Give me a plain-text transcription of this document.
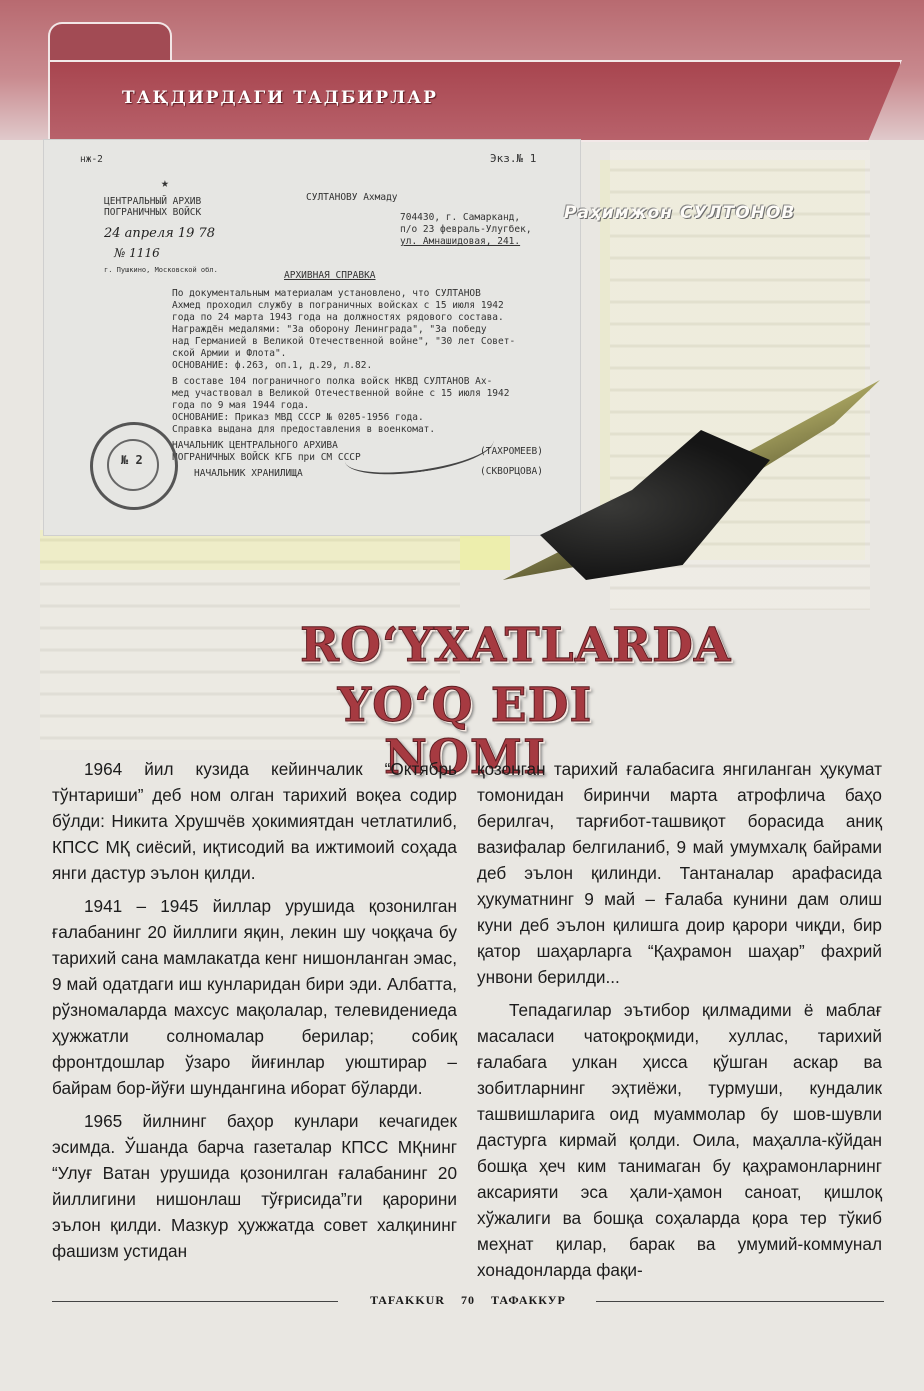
ТАҚДИРДАГИ ТАДБИРЛАР
нж-2	Экз.№ 1
★
ЦЕНТРАЛЬНЫЙ АРХИВ
ПОГРАНИЧНЫХ ВОЙСК
24 апреля 19 78
№ 1116
г. Пушкино, Московской обл.
СУЛТАНОВУ Ахмаду
704430, г. Самарканд,
п/о 23 февраль-Улугбек,
ул. Амнашидовая, 241.
АРХИВНАЯ СПРАВКА
По документальным материалам установлено, что СУЛТАНОВ
Ахмед проходил службу в пограничных войсках с 15 июля 1942
года по 24 марта 1943 года на должностях рядового состава.
Награждён медалями: "За оборону Ленинграда", "За победу
над Германией в Великой Отечественной войне", "30 лет Совет-
ской Армии и Флота".
ОСНОВАНИЕ: ф.263, оп.1, д.29, л.82.
В составе 104 пограничного полка войск НКВД СУЛТАНОВ Ах-
мед участвовал в Великой Отечественной войне с 15 июля 1942
года по 9 мая 1944 года.
ОСНОВАНИЕ: Приказ МВД СССР № 0205-1956 года.
Справка выдана для предоставления в военкомат.
НАЧАЛЬНИК ЦЕНТРАЛЬНОГО АРХИВА
ПОГРАНИЧНЫХ ВОЙСК КГБ при СМ СССР
(ТАХРОМЕЕВ)
НАЧАЛЬНИК ХРАНИЛИЩА	(СКВОРЦОВА)
№ 2
Раҳимжон СУЛТОНОВ
RO‘YXATLARDA
YO‘Q EDI NOMI

1964 йил кузида кейинчалик “Октябрь тўнтариши” деб ном олган тарихий воқеа содир бўлди: Никита Хрушчёв ҳокимиятдан четлатилиб, КПСС МҚ сиёсий, иқтисодий ва ижтимоий соҳада янги дастур эълон қилди.

1941 – 1945 йиллар урушида қозонилган ғалабанинг 20 йиллиги яқин, лекин шу чоққача бу тарихий сана мамлакатда кенг нишонланган эмас, 9 май одатдаги иш кунларидан бири эди. Албатта, рўзномаларда махсус мақолалар, телевидениеда ҳужжатли солномалар берилар; собиқ фронтдошлар ўзаро йиғинлар уюштирар – байрам бор-йўғи шундангина иборат бўларди.

1965 йилнинг баҳор кунлари кечагидек эсимда. Ўшанда барча газеталар КПСС МҚнинг “Улуғ Ватан урушида қозонилган ғалабанинг 20 йиллигини нишонлаш тўғрисида”ги қарорини эълон қилди. Мазкур ҳужжатда совет халқининг фашизм устидан

қозонган тарихий ғалабасига янгиланган ҳукумат томонидан биринчи марта атрофлича баҳо берилгач, тарғибот-ташвиқот борасида аниқ вазифалар белгиланиб, 9 май умумхалқ байрами деб эълон қилинди. Тантаналар арафасида ҳукуматнинг 9 май – Ғалаба кунини дам олиш куни деб эълон қилишга доир қарори чиқди, бир қатор шаҳарларга “Қаҳрамон шаҳар” фахрий унвони берилди...

Тепадагилар эътибор қилмадими ё маблағ масаласи чатоқроқмиди, хуллас, тарихий ғалабага улкан ҳисса қўшган аскар ва зобитларнинг эҳтиёжи, турмуши, кундалик ташвишларига оид муаммолар бу шов-шувли дастурга кирмай қолди. Оила, маҳалла-кўйдан бошқа ҳеч ким танимаган бу қаҳрамонларнинг аксарияти эса ҳали-ҳамон саноат, қишлоқ хўжалиги ва бошқа соҳаларда қора тер тўкиб меҳнат қилар, барак ва умумий-коммунал хонадонларда фақи-

TAFAKKUR 70 ТАФАККУР
